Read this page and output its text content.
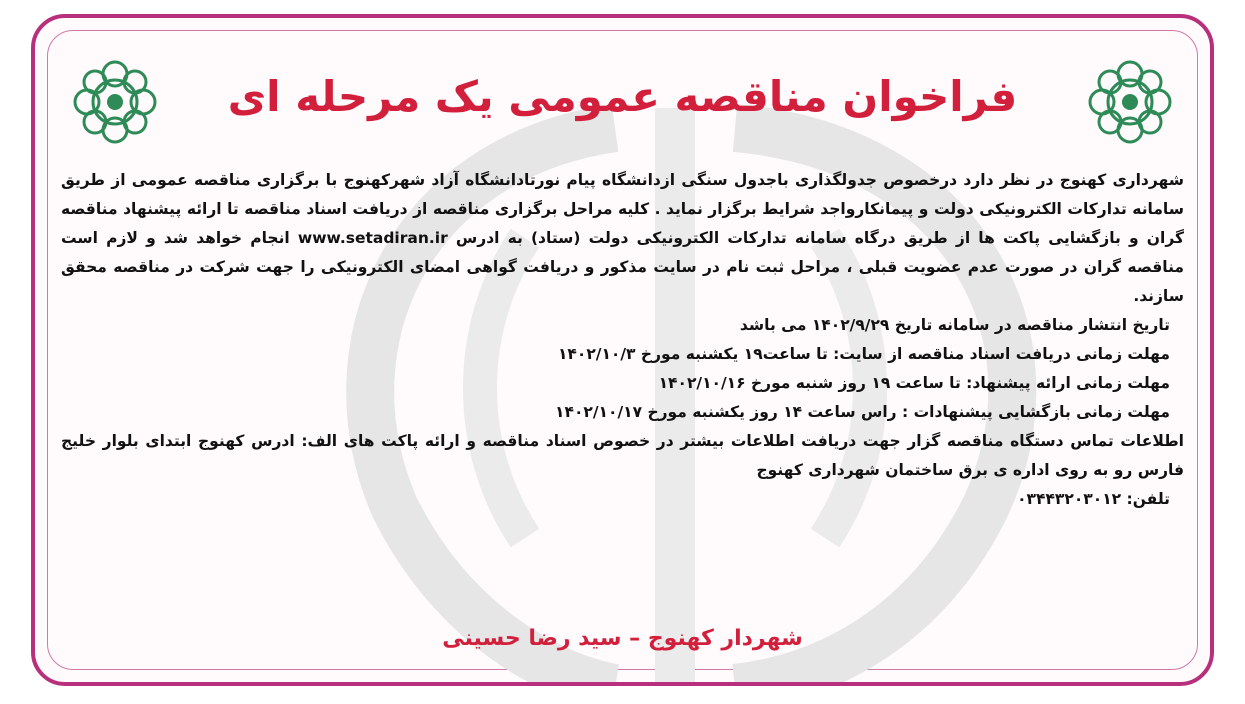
فراخوان مناقصه عمومی یک مرحله ای

شهرداری کهنوج در نظر دارد درخصوص جدولگذاری باجدول سنگی ازدانشگاه پیام نورتادانشگاه آزاد شهرکهنوج با برگزاری مناقصه عمومی از طریق سامانه تدارکات الکترونیکی دولت و پیمانکارواجد شرایط برگزار نماید . کلیه مراحل برگزاری مناقصه از دریافت اسناد مناقصه تا ارائه پیشنهاد مناقصه گران و بازگشایی پاکت ها از طریق درگاه سامانه تدارکات الکترونیکی دولت (ستاد) به ادرس www.setadiran.ir انجام خواهد شد و لازم است مناقصه گران در صورت عدم عضویت قبلی ، مراحل ثبت نام در سایت مذکور و دریافت گواهی امضای الکترونیکی را جهت شرکت در مناقصه محقق سازند.

تاریخ انتشار مناقصه در سامانه تاریخ ۱۴۰۲/۹/۲۹ می باشد

مهلت زمانی دریافت اسناد مناقصه از سایت: تا ساعت۱۹ یکشنبه مورخ ۱۴۰۲/۱۰/۳

مهلت زمانی ارائه پیشنهاد: تا ساعت ۱۹ روز شنبه مورخ ۱۴۰۲/۱۰/۱۶

مهلت زمانی بازگشایی پیشنهادات : راس ساعت ۱۴ روز یکشنبه مورخ ۱۴۰۲/۱۰/۱۷

اطلاعات تماس دستگاه مناقصه گزار جهت دریافت اطلاعات بیشتر در خصوص اسناد مناقصه و ارائه پاکت های الف: ادرس کهنوج ابتدای بلوار خلیج فارس رو به روی اداره ی برق ساختمان شهرداری کهنوج

تلفن: ۰۳۴۴۳۲۰۳۰۱۲

شهردار کهنوج – سید رضا حسینی
